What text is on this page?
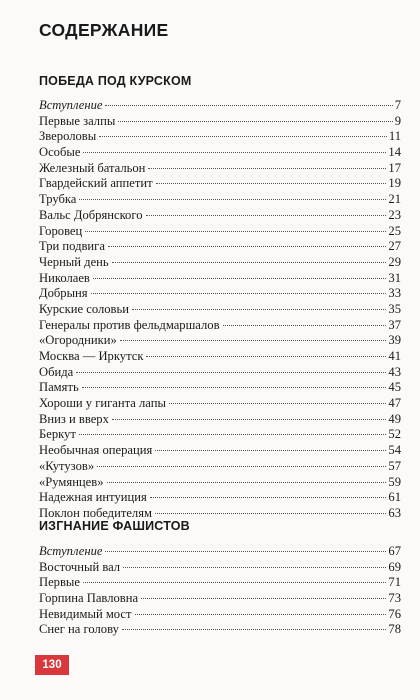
СОДЕРЖАНИЕ
ПОБЕДА ПОД КУРСКОМ
Вступление	7
Первые залпы	9
Звероловы	11
Особые	14
Железный батальон	17
Гвардейский аппетит	19
Трубка	21
Вальс Добрянского	23
Горовец	25
Три подвига	27
Черный день	29
Николаев	31
Добрыня	33
Курские соловьи	35
Генералы против фельдмаршалов	37
«Огородники»	39
Москва — Иркутск	41
Обида	43
Память	45
Хороши у гиганта лапы	47
Вниз и вверх	49
Беркут	52
Необычная операция	54
«Кутузов»	57
«Румянцев»	59
Надежная интуиция	61
Поклон победителям	63
ИЗГНАНИЕ ФАШИСТОВ
Вступление	67
Восточный вал	69
Первые	71
Горпина Павловна	73
Невидимый мост	76
Снег на голову	78
130
